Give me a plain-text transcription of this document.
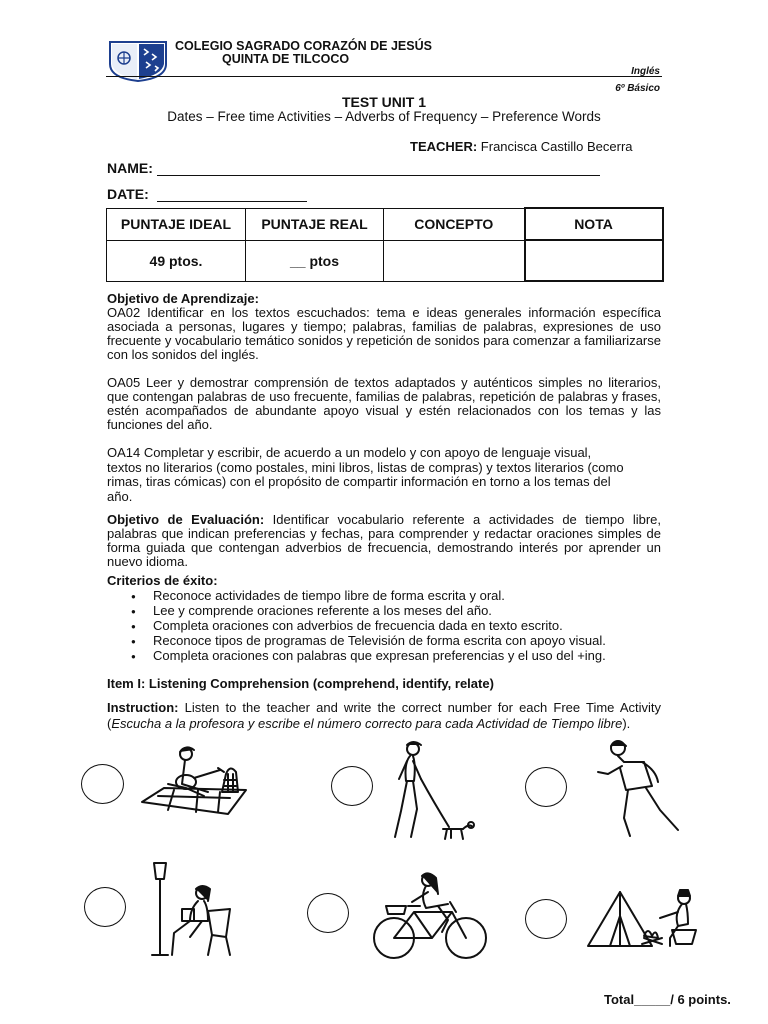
COLEGIO SAGRADO CORAZÓN DE JESÚS
QUINTA DE TILCOCO
Inglés
6º Básico
TEST UNIT 1
Dates – Free time Activities – Adverbs of Frequency – Preference Words
TEACHER: Francisca Castillo Becerra
NAME:
DATE:
PUNTAJE IDEAL	PUNTAJE REAL	CONCEPTO	NOTA
49 ptos.	__ ptos		
Objetivo de Aprendizaje:
OA02 Identificar en los textos escuchados: tema e ideas generales información específica asociada a personas, lugares y tiempo; palabras, familias de palabras, expresiones de uso frecuente y vocabulario temático sonidos y repetición de sonidos para comenzar a familiarizarse con los sonidos del inglés.
OA05 Leer y demostrar comprensión de textos adaptados y auténticos simples no literarios, que contengan palabras de uso frecuente, familias de palabras, repetición de palabras y frases, estén acompañados de abundante apoyo visual y estén relacionados con los temas y las funciones del año.
OA14 Completar y escribir, de acuerdo a un modelo y con apoyo de lenguaje visual,
textos no literarios (como postales, mini libros, listas de compras) y textos literarios (como
rimas, tiras cómicas) con el propósito de compartir información en torno a los temas del
año.
Objetivo de Evaluación: Identificar vocabulario referente a actividades de tiempo libre, palabras que indican preferencias y fechas, para comprender y redactar oraciones simples de forma guiada que contengan adverbios de frecuencia, demostrando interés por aprender un nuevo idioma.
Criterios de éxito:
● Reconoce actividades de tiempo libre de forma escrita y oral.
● Lee y comprende oraciones referente a los meses del año.
● Completa oraciones con adverbios de frecuencia dada en texto escrito.
● Reconoce tipos de programas de Televisión de forma escrita con apoyo visual.
● Completa oraciones con palabras que expresan preferencias y el uso del +ing.
Item I: Listening Comprehension (comprehend, identify, relate)
Instruction: Listen to the teacher and write the correct number for each Free Time Activity (Escucha a la profesora y escribe el número correcto para cada Actividad de Tiempo libre).
Total_____/ 6 points.
